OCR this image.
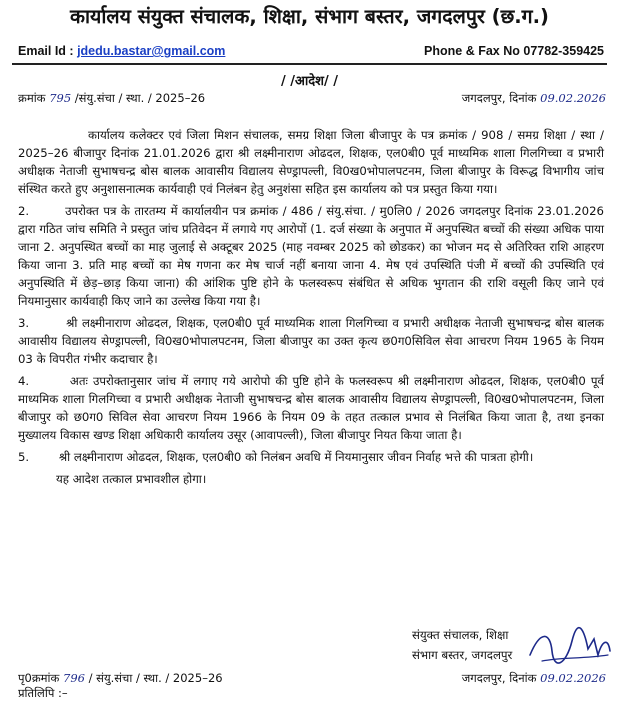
कार्यालय संयुक्त संचालक, शिक्षा, संभाग बस्तर, जगदलपुर (छ.ग.)
Email Id : jdedu.bastar@gmail.com	Phone & Fax No 07782-359425
/ /आदेश/ /
क्रमांक 795 /संयु.संचा / स्था. / 2025–26	जगदलपुर, दिनांक 09.02.2026

कार्यालय कलेक्टर एवं जिला मिशन संचालक, समग्र शिक्षा जिला बीजापुर के पत्र क्रमांक / 908 / समग्र शिक्षा / स्था / 2025–26 बीजापुर दिनांक 21.01.2026 द्वारा श्री लक्ष्मीनाराण ओढदल, शिक्षक, एल0बी0 पूर्व माध्यमिक शाला गिलगिच्चा व प्रभारी अधीक्षक नेताजी सुभाषचन्द्र बोस बालक आवासीय विद्यालय सेण्ड्रापल्ली, वि0ख0भोपालपटनम, जिला बीजापुर के विरूद्ध विभागीय जांच संस्थित करते हुए अनुशासनात्मक कार्यवाही एवं निलंबन हेतु अनुशंसा सहित इस कार्यालय को पत्र प्रस्तुत किया गया।

2.	उपरोक्त पत्र के तारतम्य में कार्यालयीन पत्र क्रमांक / 486 / संयु.संचा. / मु0लि0 / 2026 जगदलपुर दिनांक 23.01.2026 द्वारा गठित जांच समिति ने प्रस्तुत जांच प्रतिवेदन में लगाये गए आरोपों (1. दर्ज संख्या के अनुपात में अनुपस्थित बच्चों की संख्या अधिक पाया जाना 2. अनुपस्थित बच्चों का माह जुलाई से अक्टूबर 2025 (माह नवम्बर 2025 को छोडकर) का भोजन मद से अतिरिक्त राशि आहरण किया जाना 3. प्रति माह बच्चों का मेष गणना कर मेष चार्ज नहीं बनाया जाना 4. मेष एवं उपस्थिति पंजी में बच्चों की उपस्थिति एवं अनुपस्थिति में छेड़–छाड़ किया जाना) की आंशिक पुष्टि होने के फलस्वरूप संबंधित से अधिक भुगतान की राशि वसूली किए जाने एवं नियमानुसार कार्यवाही किए जाने का उल्लेख किया गया है।

3.	श्री लक्ष्मीनाराण ओढदल, शिक्षक, एल0बी0 पूर्व माध्यमिक शाला गिलगिच्चा व प्रभारी अधीक्षक नेताजी सुभाषचन्द्र बोस बालक आवासीय विद्यालय सेण्ड्रापल्ली, वि0ख0भोपालपटनम, जिला बीजापुर का उक्त कृत्य छ0ग0सिविल सेवा आचरण नियम 1965 के नियम 03 के विपरीत गंभीर कदाचार है।

4.	अतः उपरोक्तानुसार जांच में लगाए गये आरोपो की पुष्टि होने के फलस्वरूप श्री लक्ष्मीनाराण ओढदल, शिक्षक, एल0बी0 पूर्व माध्यमिक शाला गिलगिच्चा व प्रभारी अधीक्षक नेताजी सुभाषचन्द्र बोस बालक आवासीय विद्यालय सेण्ड्रापल्ली, वि0ख0भोपालपटनम, जिला बीजापुर को छ0ग0 सिविल सेवा आचरण नियम 1966 के नियम 09 के तहत तत्काल प्रभाव से निलंबित किया जाता है, तथा इनका मुख्यालय विकास खण्ड शिक्षा अधिकारी कार्यालय उसूर (आवापल्ली), जिला बीजापुर नियत किया जाता है।

5.	श्री लक्ष्मीनाराण ओढदल, शिक्षक, एल0बी0 को निलंबन अवधि में नियमानुसार जीवन निर्वाह भत्ते की पात्रता होगी।

यह आदेश तत्काल प्रभावशील होगा।

संयुक्त संचालक, शिक्षा
संभाग बस्तर, जगदलपुर
पृ0क्रमांक 796 / संयु.संचा / स्था. / 2025–26	जगदलपुर, दिनांक 09.02.2026
प्रतिलिपि :–
